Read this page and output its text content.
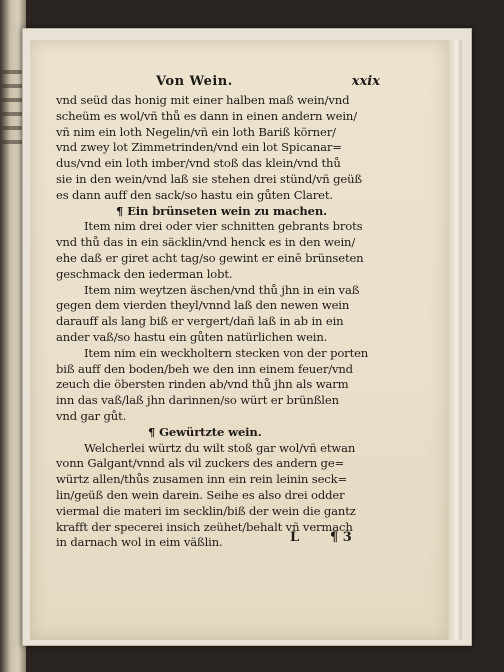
Von Wein.	xxix
vnd seüd das honig mit einer halben maß wein/vnd
scheüm es wol/vñ thů es dann in einen andern wein/
vñ nim ein loth Negelin/vñ ein loth Bariß körner/
vnd zwey lot Zimmetrinden/vnd ein lot Spicanar=
dus/vnd ein loth imber/vnd stoß das klein/vnd thů
sie in den wein/vnd laß sie stehen drei stünd/vñ geüß
es dann auff den sack/so hastu ein gůten Claret.
¶ Ein brünseten wein zu machen.
Item nim drei oder vier schnitten gebrants brots
vnd thů das in ein säcklin/vnd henck es in den wein/
ehe daß er giret acht tag/so gewint er einē brünseten
geschmack den iederman lobt.
Item nim weytzen äschen/vnd thů jhn in ein vaß
gegen dem vierden theyl/vnnd laß den newen wein
darauff als lang biß er vergert/dañ laß in ab in ein
ander vaß/so hastu ein gůten natürlichen wein.
Item nim ein weckholtern stecken von der porten
biß auff den boden/beh we den inn einem feuer/vnd
zeuch die öbersten rinden ab/vnd thů jhn als warm
inn das vaß/laß jhn darinnen/so würt er brünßlen
vnd gar gůt.
¶ Gewürtzte wein.
Welcherlei würtz du wilt stoß gar wol/vñ etwan
vonn Galgant/vnnd als vil zuckers des andern ge=
würtz allen/thůs zusamen inn ein rein leinin seck=
lin/geüß den wein darein. Seihe es also drei odder
viermal die materi im secklin/biß der wein die gantz
krafft der specerei insich zeühet/behalt vñ vermach
in darnach wol in eim väßlin.	L ¶ 3
